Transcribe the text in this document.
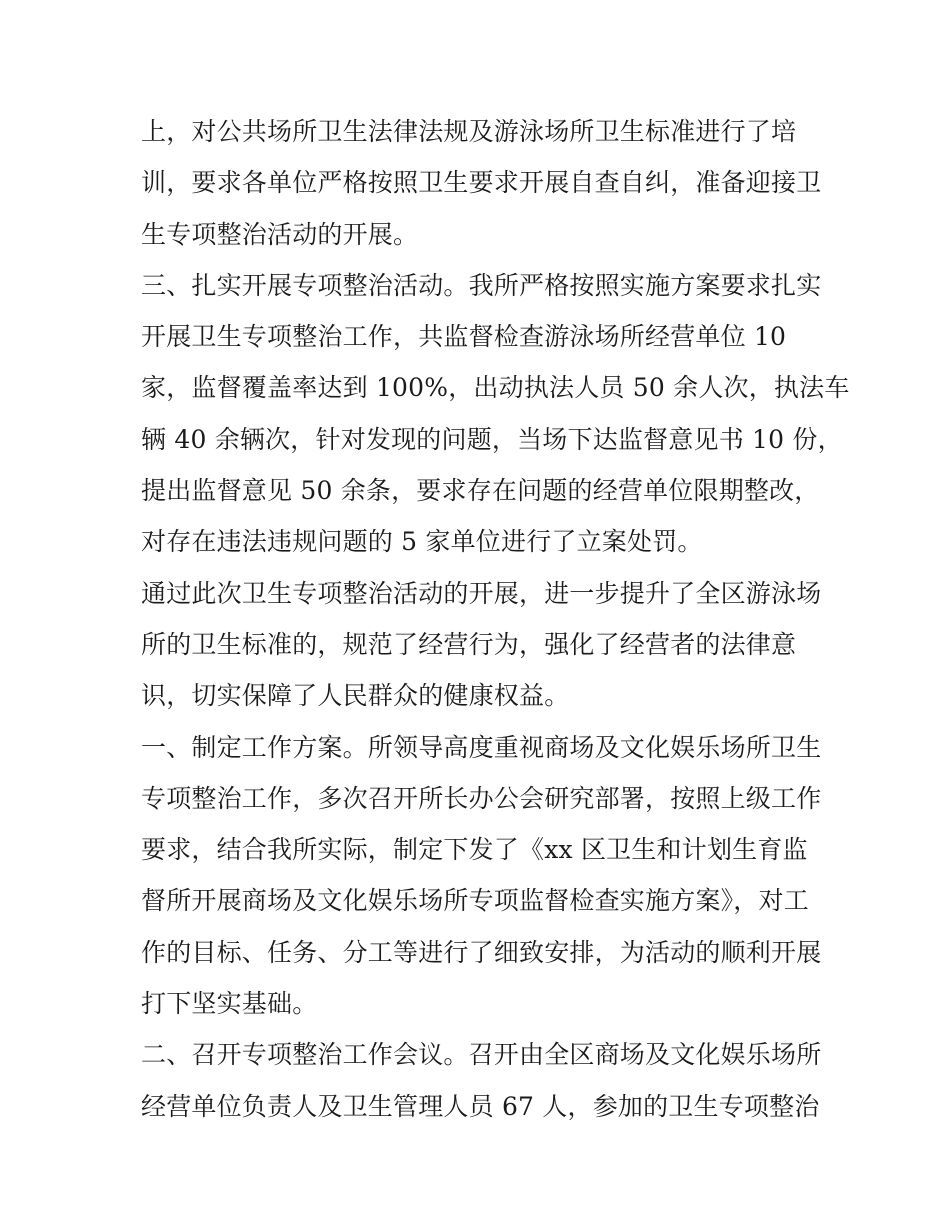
上，对公共场所卫生法律法规及游泳场所卫生标准进行了培
训，要求各单位严格按照卫生要求开展自查自纠，准备迎接卫
生专项整治活动的开展。
三、扎实开展专项整治活动。我所严格按照实施方案要求扎实
开展卫生专项整治工作，共监督检查游泳场所经营单位 10
家，监督覆盖率达到 100%，出动执法人员 50 余人次，执法车
辆 40 余辆次，针对发现的问题，当场下达监督意见书 10 份，
提出监督意见 50 余条，要求存在问题的经营单位限期整改，
对存在违法违规问题的 5 家单位进行了立案处罚。
通过此次卫生专项整治活动的开展，进一步提升了全区游泳场
所的卫生标准的，规范了经营行为，强化了经营者的法律意
识，切实保障了人民群众的健康权益。
一、制定工作方案。所领导高度重视商场及文化娱乐场所卫生
专项整治工作，多次召开所长办公会研究部署，按照上级工作
要求，结合我所实际，制定下发了《xx 区卫生和计划生育监
督所开展商场及文化娱乐场所专项监督检查实施方案》，对工
作的目标、任务、分工等进行了细致安排，为活动的顺利开展
打下坚实基础。
二、召开专项整治工作会议。召开由全区商场及文化娱乐场所
经营单位负责人及卫生管理人员 67 人，参加的卫生专项整治
